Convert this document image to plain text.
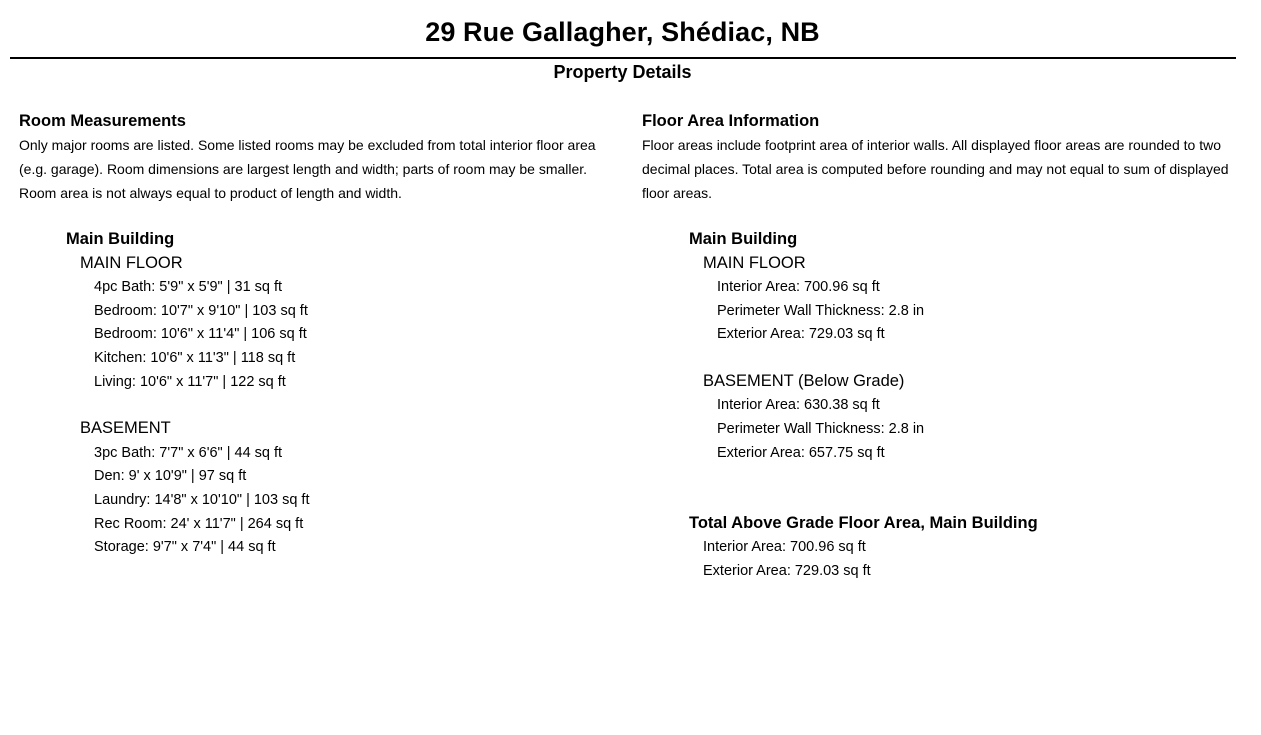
29 Rue Gallagher, Shédiac, NB
Property Details
Room Measurements
Only major rooms are listed. Some listed rooms may be excluded from total interior floor area (e.g. garage). Room dimensions are largest length and width; parts of room may be smaller. Room area is not always equal to product of length and width.
Main Building
MAIN FLOOR
4pc Bath: 5'9" x 5'9" | 31 sq ft
Bedroom: 10'7" x 9'10" | 103 sq ft
Bedroom: 10'6" x 11'4" | 106 sq ft
Kitchen: 10'6" x 11'3" | 118 sq ft
Living: 10'6" x 11'7" | 122 sq ft
BASEMENT
3pc Bath: 7'7" x 6'6" | 44 sq ft
Den: 9' x 10'9" | 97 sq ft
Laundry: 14'8" x 10'10" | 103 sq ft
Rec Room: 24' x 11'7" | 264 sq ft
Storage: 9'7" x 7'4" | 44 sq ft
Floor Area Information
Floor areas include footprint area of interior walls. All displayed floor areas are rounded to two decimal places. Total area is computed before rounding and may not equal to sum of displayed floor areas.
Main Building
MAIN FLOOR
Interior Area: 700.96 sq ft
Perimeter Wall Thickness: 2.8 in
Exterior Area: 729.03 sq ft
BASEMENT (Below Grade)
Interior Area: 630.38 sq ft
Perimeter Wall Thickness: 2.8 in
Exterior Area: 657.75 sq ft
Total Above Grade Floor Area, Main Building
Interior Area: 700.96 sq ft
Exterior Area: 729.03 sq ft
